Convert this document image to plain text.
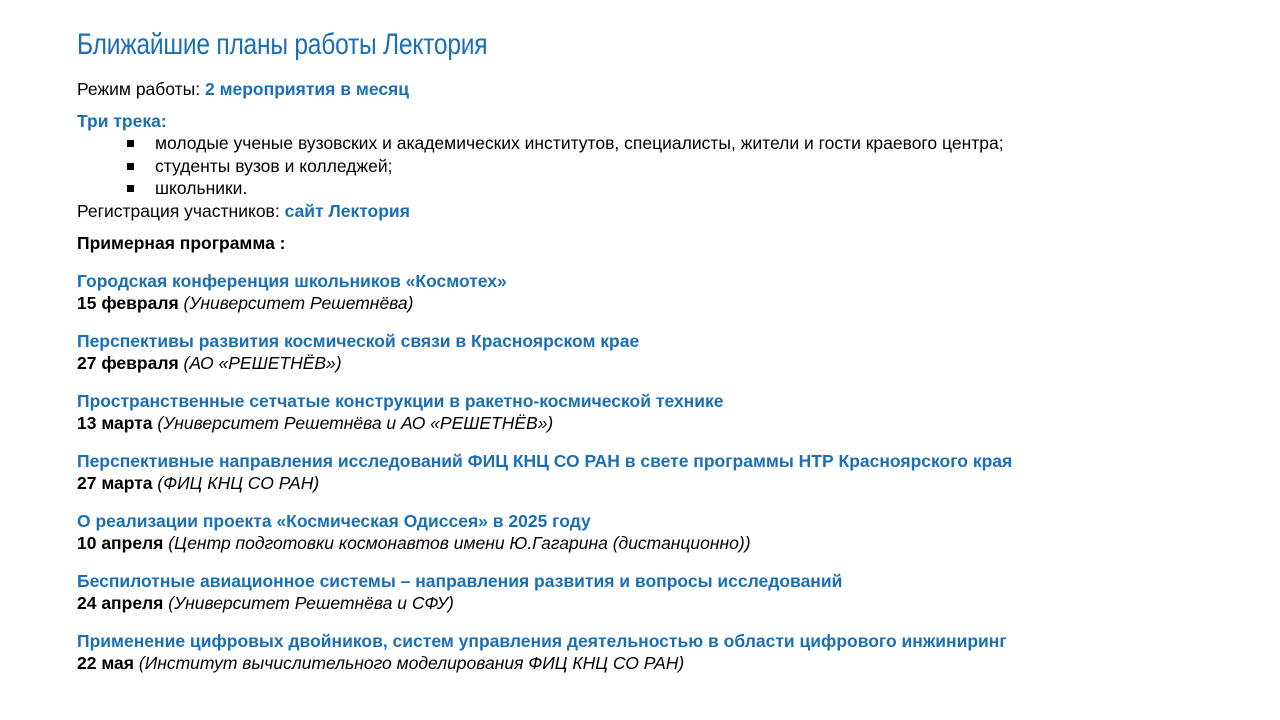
Ближайшие планы работы Лектория
Режим работы: 2 мероприятия в месяц
Три трека:
молодые ученые вузовских и академических институтов, специалисты, жители и гости краевого центра;
студенты вузов и колледжей;
школьники.
Регистрация участников: сайт Лектория
Примерная программа :
Городская конференция школьников «Космотех»
15 февраля (Университет Решетнёва)
Перспективы развития космической связи в Красноярском крае
27 февраля (АО «РЕШЕТНЁВ»)
Пространственные сетчатые конструкции в ракетно-космической технике
13 марта (Университет Решетнёва и АО «РЕШЕТНЁВ»)
Перспективные направления исследований ФИЦ КНЦ СО РАН в свете программы НТР Красноярского края
27 марта (ФИЦ КНЦ СО РАН)
О реализации проекта «Космическая Одиссея» в 2025 году
10 апреля (Центр подготовки космонавтов имени Ю.Гагарина (дистанционно))
Беспилотные авиационное системы – направления развития и вопросы исследований
24 апреля (Университет Решетнёва и СФУ)
Применение цифровых двойников, систем управления деятельностью в области цифрового инжиниринг
22 мая (Институт вычислительного моделирования ФИЦ КНЦ СО РАН)
